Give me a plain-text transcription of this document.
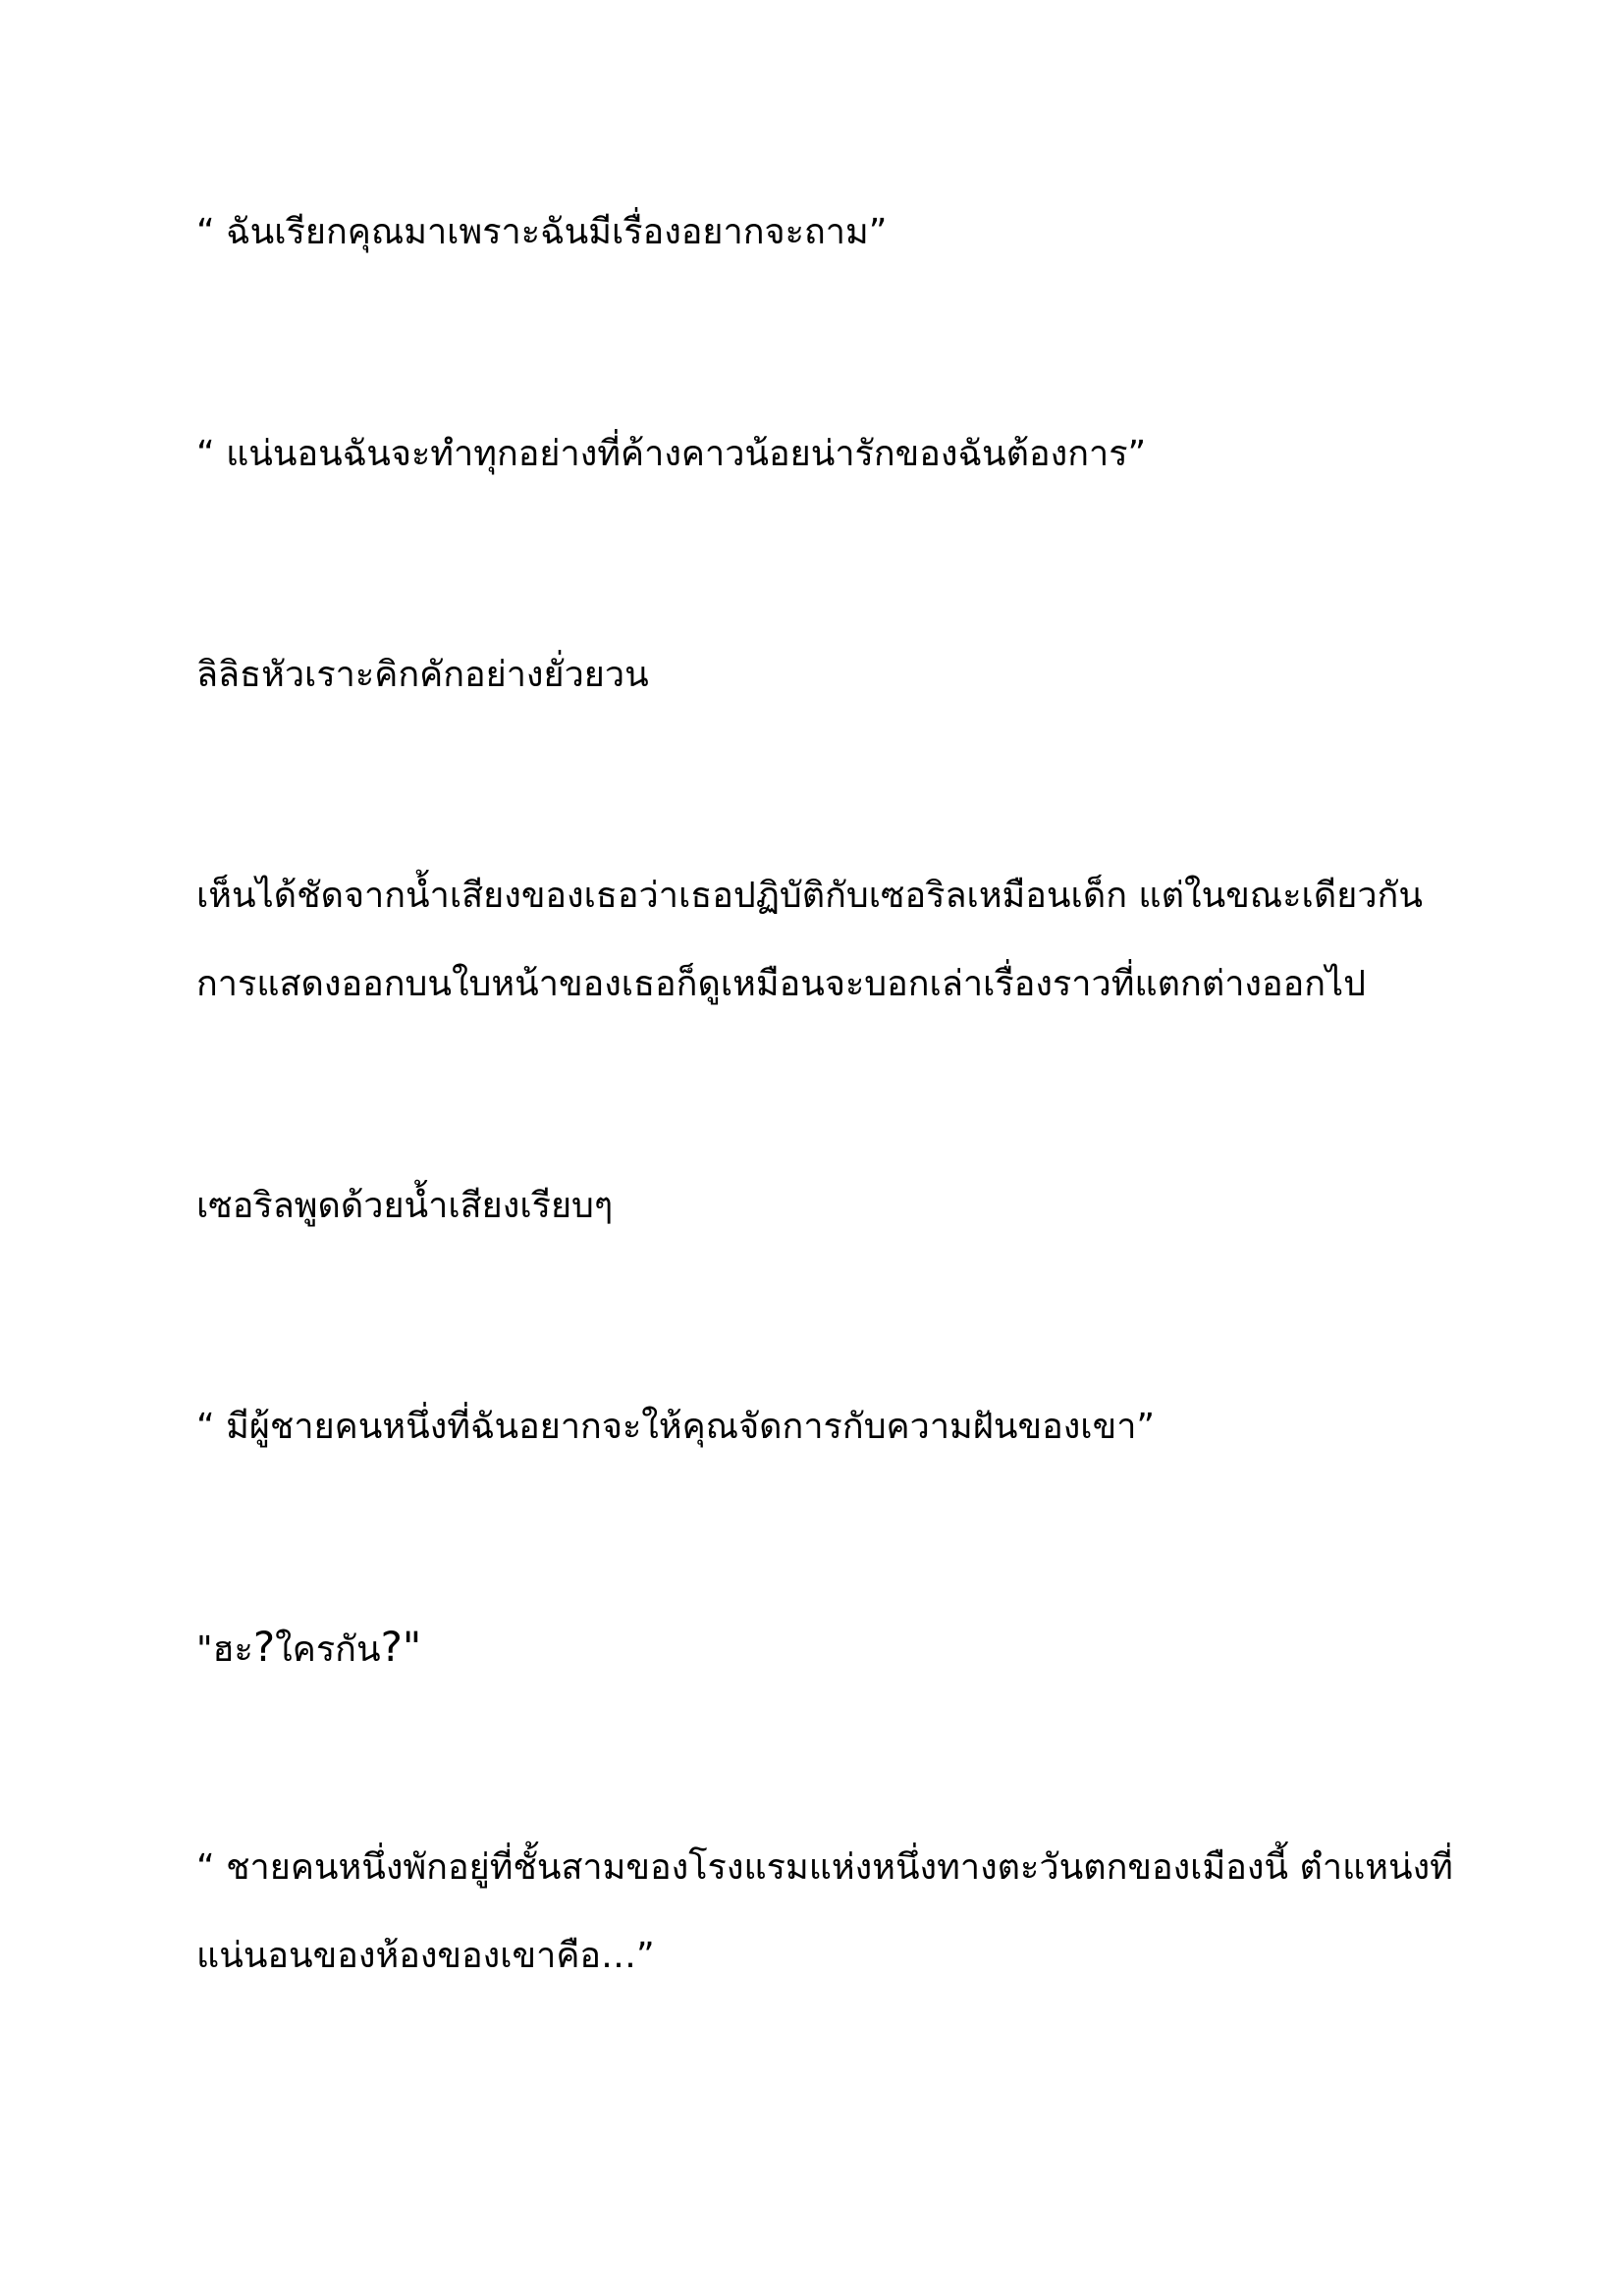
“ ฉันเรียกคุณมาเพราะฉันมีเรื่องอยากจะถาม”

“ แน่นอนฉันจะทำทุกอย่างที่ค้างคาวน้อยน่ารักของฉันต้องการ”

ลิลิธหัวเราะคิกคักอย่างยั่วยวน

เห็นได้ชัดจากน้ำเสียงของเธอว่าเธอปฏิบัติกับเซอริลเหมือนเด็ก แต่ในขณะเดียวกัน
การแสดงออกบนใบหน้าของเธอก็ดูเหมือนจะบอกเล่าเรื่องราวที่แตกต่างออกไป

เซอริลพูดด้วยน้ำเสียงเรียบๆ

“ มีผู้ชายคนหนึ่งที่ฉันอยากจะให้คุณจัดการกับความฝันของเขา”

"ฮะ?ใครกัน?"

“ ชายคนหนึ่งพักอยู่ที่ชั้นสามของโรงแรมแห่งหนึ่งทางตะวันตกของเมืองนี้ ตำแหน่งที่
แน่นอนของห้องของเขาคือ…”
